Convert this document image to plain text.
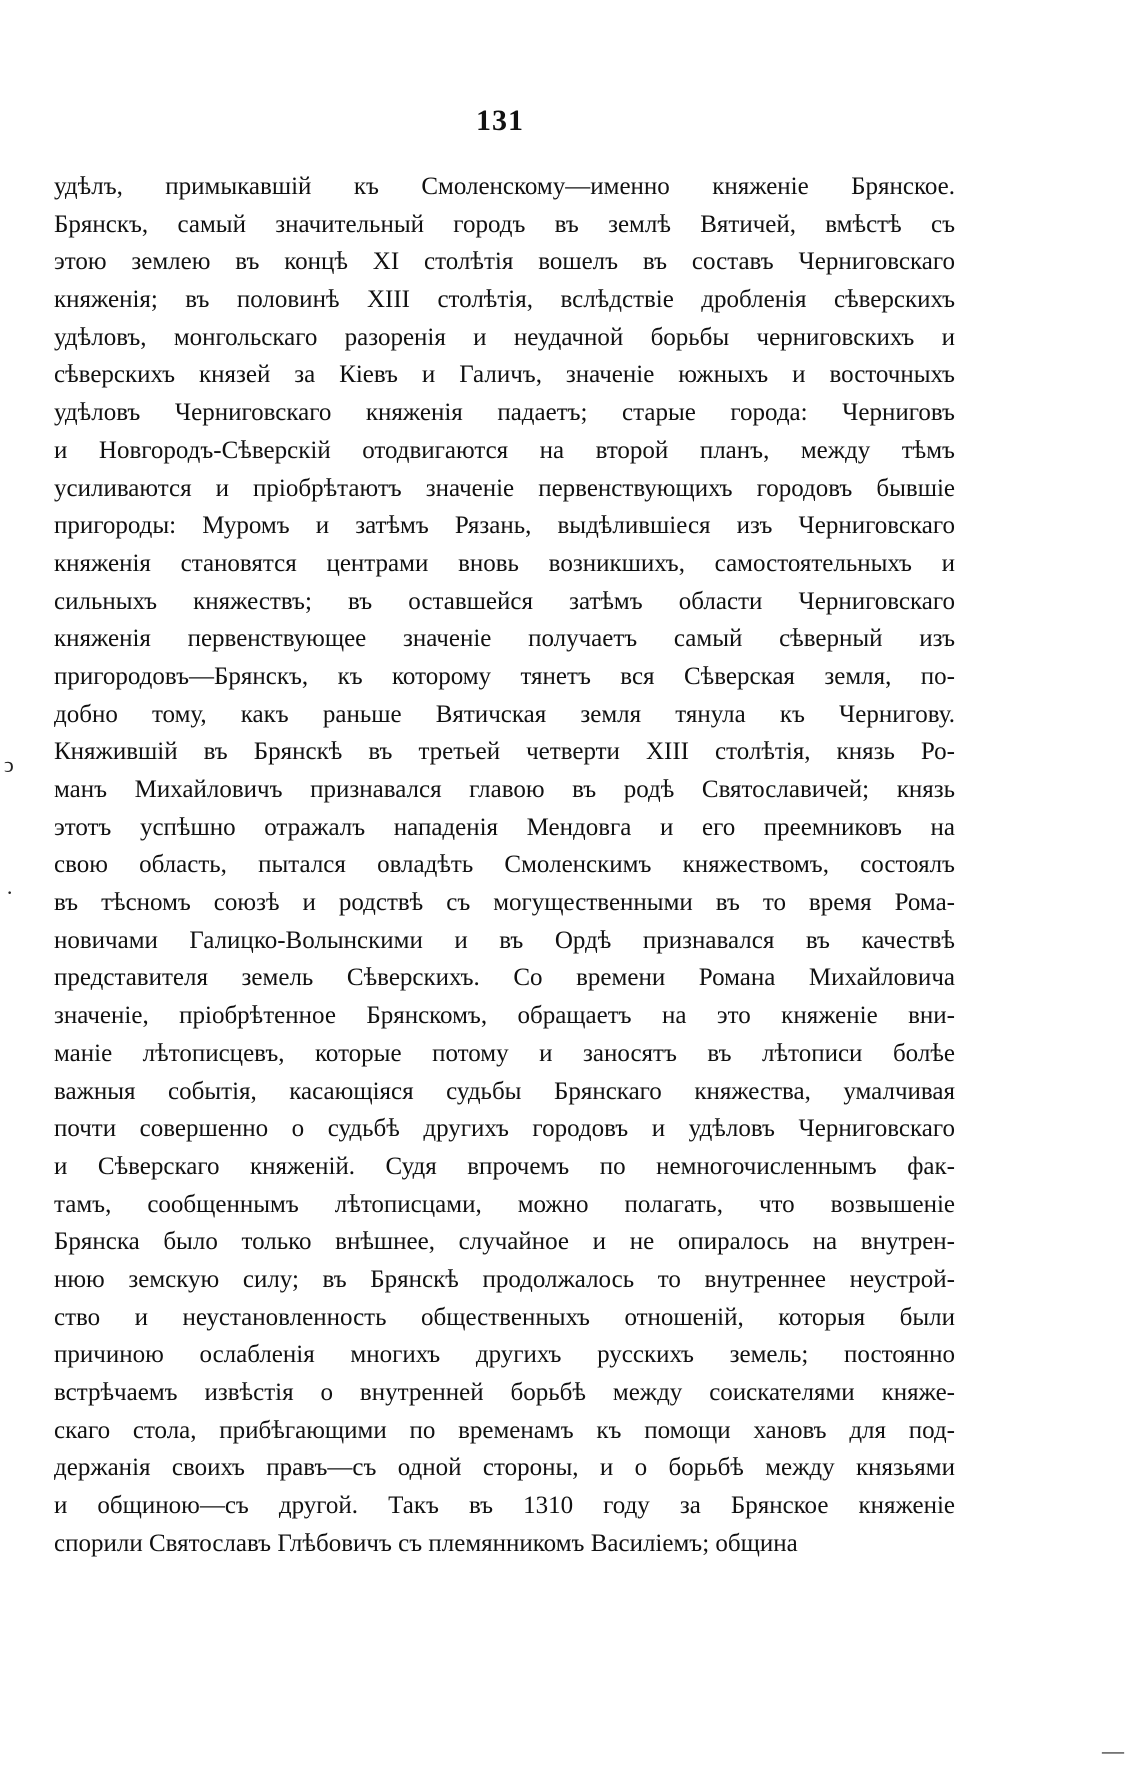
131
удѣлъ, примыкавшій къ Смоленскому—именно княженіе Брянское.
Брянскъ, самый значительный городъ въ землѣ Вятичей, вмѣстѣ съ
этою землею въ концѣ XI столѣтія вошелъ въ составъ Черниговскаго
княженія; въ половинѣ XIII столѣтія, вслѣдствіе дробленія сѣверскихъ
удѣловъ, монгольскаго разоренія и неудачной борьбы черниговскихъ и
сѣверскихъ князей за Кіевъ и Галичъ, значеніе южныхъ и восточныхъ
удѣловъ Черниговскаго княженія падаетъ; старые города: Черниговъ
и Новгородъ-Сѣверскій отодвигаются на второй планъ, между тѣмъ
усиливаются и пріобрѣтаютъ значеніе первенствующихъ городовъ бывшіе
пригороды: Муромъ и затѣмъ Рязань, выдѣлившіеся изъ Черниговскаго
княженія становятся центрами вновь возникшихъ, самостоятельныхъ и
сильныхъ княжествъ; въ оставшейся затѣмъ области Черниговскаго
княженія первенствующее значеніе получаетъ самый сѣверный изъ
пригородовъ—Брянскъ, къ которому тянетъ вся Сѣверская земля, по-
добно тому, какъ раньше Вятичская земля тянула къ Чернигову.
Княжившій въ Брянскѣ въ третьей четверти XIII столѣтія, князь Ро-
манъ Михайловичъ признавался главою въ родѣ Святославичей; князь
этотъ успѣшно отражалъ нападенія Мендовга и его преемниковъ на
свою область, пытался овладѣть Смоленскимъ княжествомъ, состоялъ
въ тѣсномъ союзѣ и родствѣ съ могущественными въ то время Рома-
новичами Галицко-Волынскими и въ Ордѣ признавался въ качествѣ
представителя земель Сѣверскихъ. Со времени Романа Михайловича
значеніе, пріобрѣтенное Брянскомъ, обращаетъ на это княженіе вни-
маніе лѣтописцевъ, которые потому и заносятъ въ лѣтописи болѣе
важныя событія, касающіяся судьбы Брянскаго княжества, умалчивая
почти совершенно о судьбѣ другихъ городовъ и удѣловъ Черниговскаго
и Сѣверскаго княженій. Судя впрочемъ по немногочисленнымъ фак-
тамъ, сообщеннымъ лѣтописцами, можно полагать, что возвышеніе
Брянска было только внѣшнее, случайное и не опиралось на внутрен-
нюю земскую силу; въ Брянскѣ продолжалось то внутреннее неустрой-
ство и неустановленность общественныхъ отношеній, которыя были
причиною ослабленія многихъ другихъ русскихъ земель; постоянно
встрѣчаемъ извѣстія о внутренней борьбѣ между соискателями княже-
скаго стола, прибѣгающими по временамъ къ помощи хановъ для под-
держанія своихъ правъ—съ одной стороны, и о борьбѣ между князьями
и общиною—съ другой. Такъ въ 1310 году за Брянское княженіе
спорили Святославъ Глѣбовичъ съ племянникомъ Василіемъ; община
ↄ
·
—
